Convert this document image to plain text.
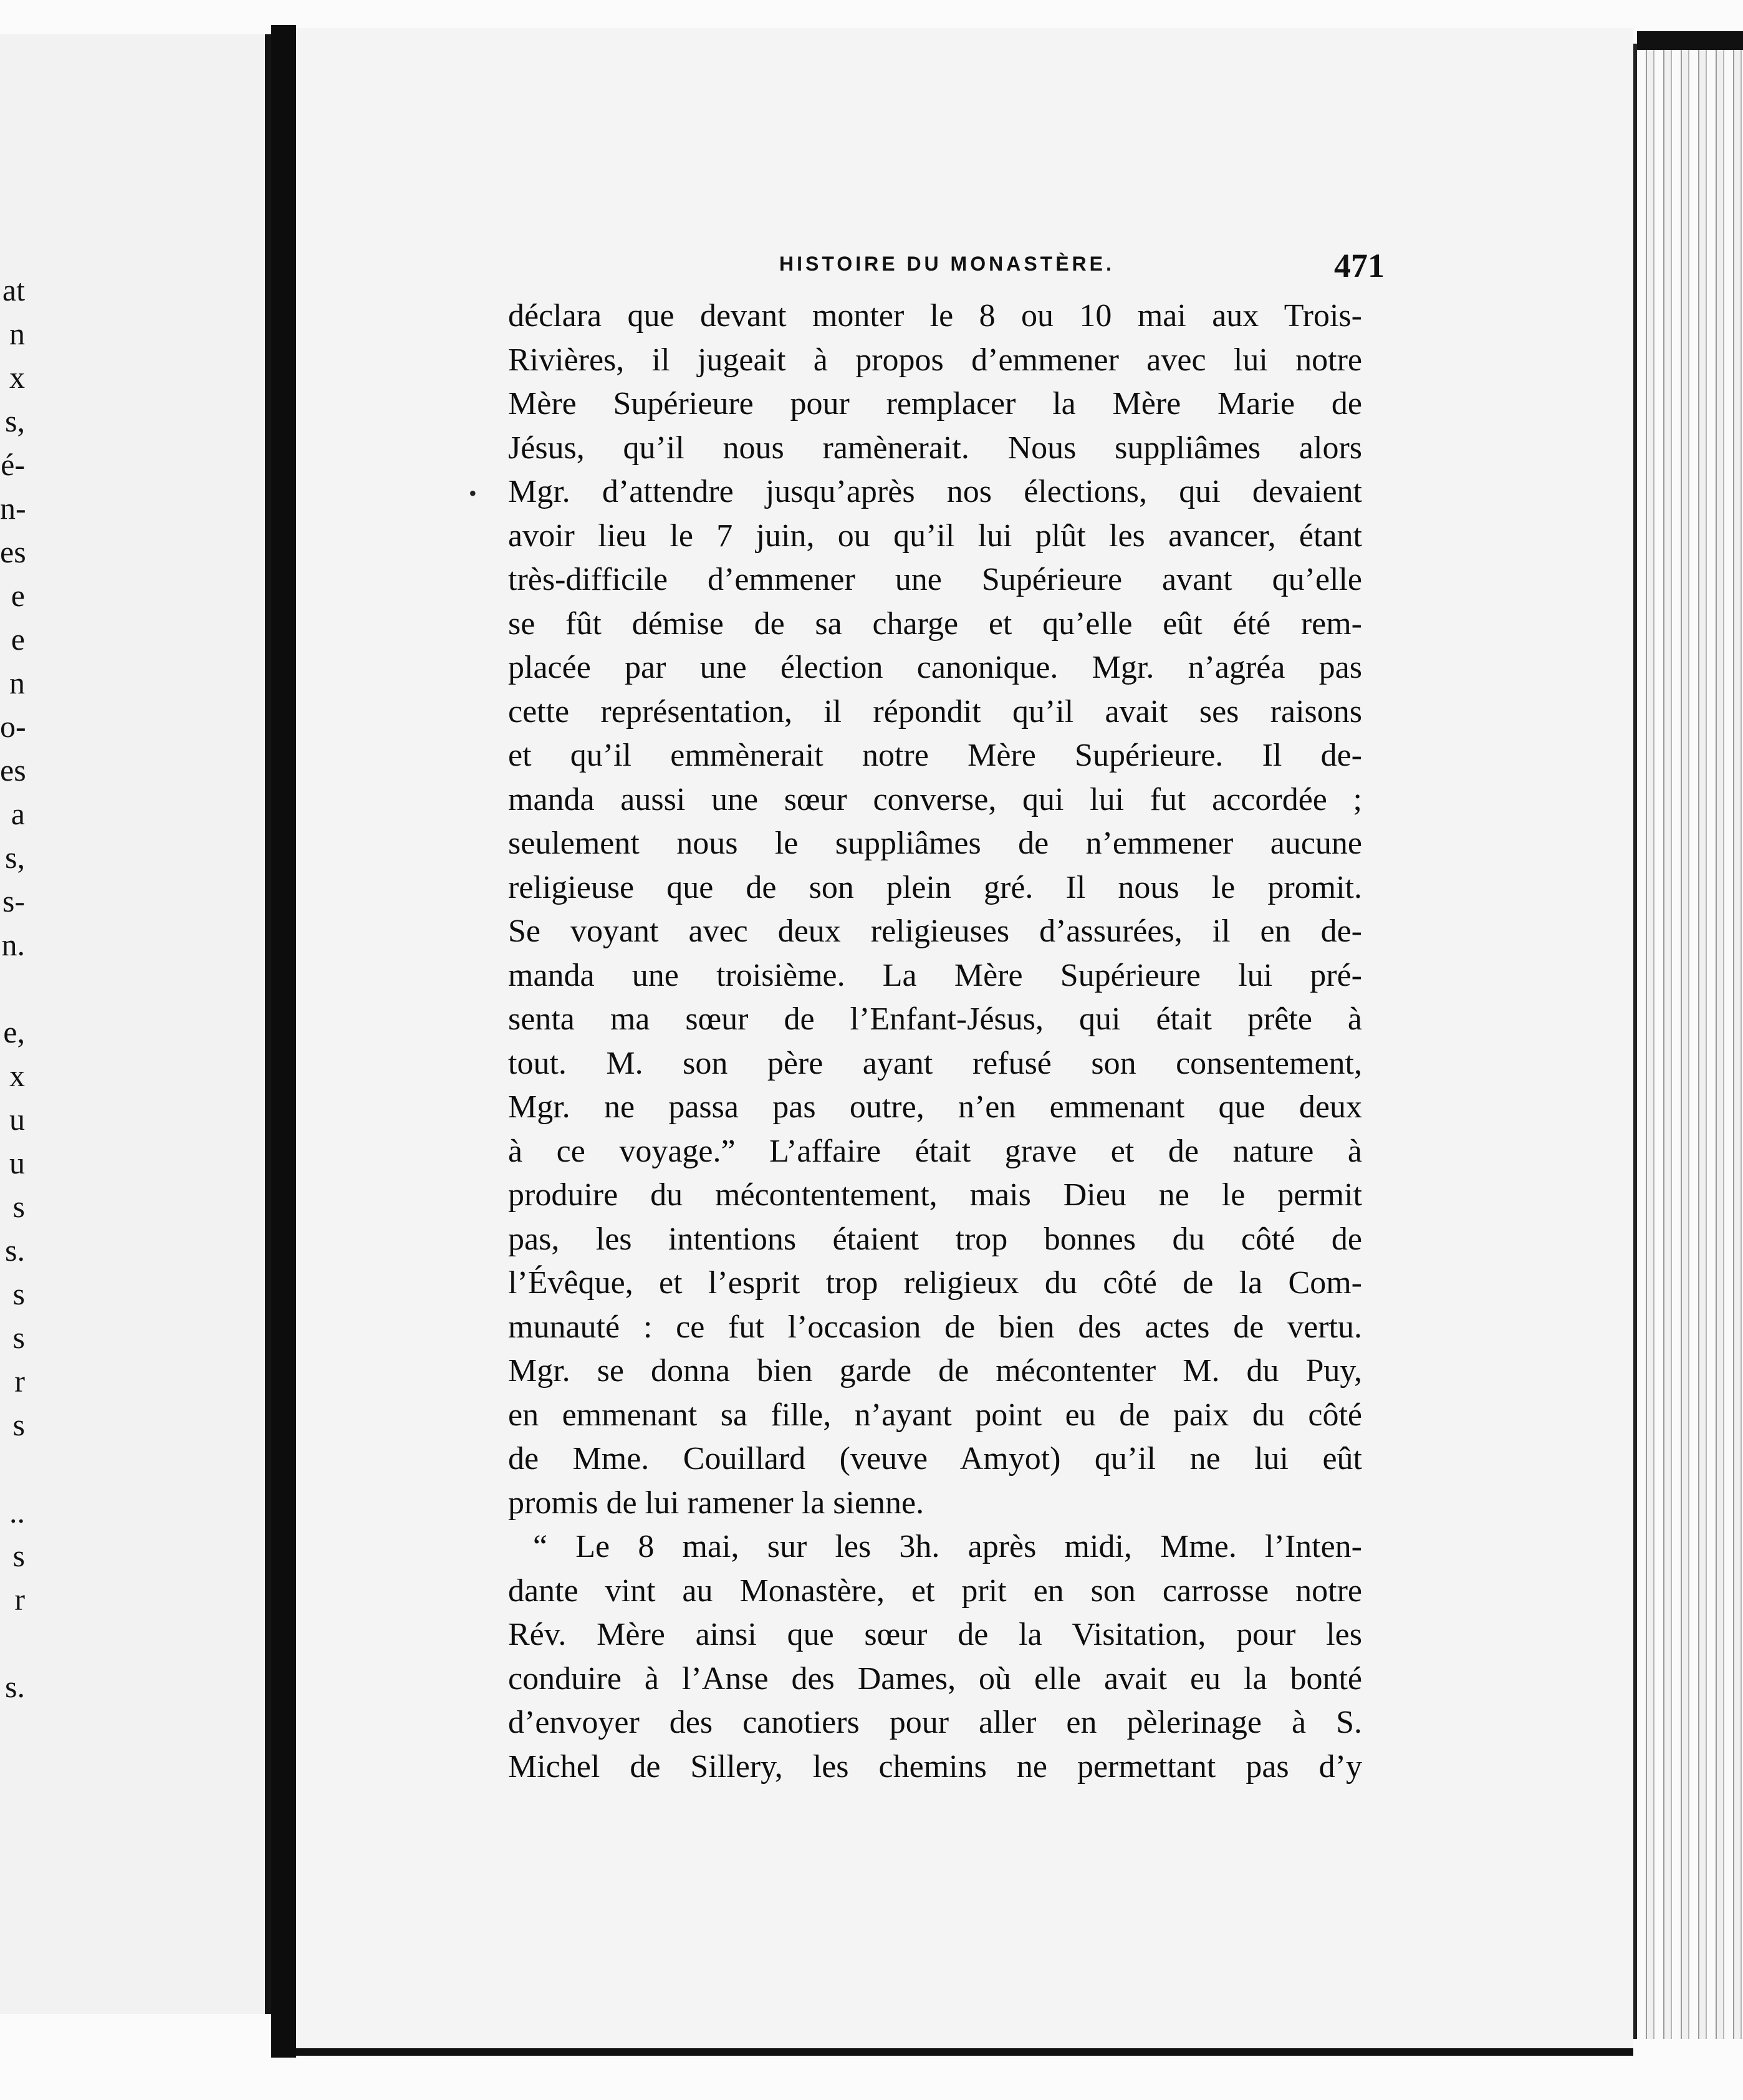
at
n
x
s,
é-
n-
es
e
e
n
o-
es
a
s,
s-
n.
e,
x
u
u
s
s.
s
s
r
s
..
s
r
s.
HISTOIRE DU MONASTÈRE.	471
•
déclara que devant monter le 8 ou 10 mai aux Trois-
Rivières, il jugeait à propos d’emmener avec lui notre
Mère Supérieure pour remplacer la Mère Marie de
Jésus, qu’il nous ramènerait. Nous suppliâmes alors
Mgr. d’attendre jusqu’après nos élections, qui devaient
avoir lieu le 7 juin, ou qu’il lui plût les avancer, étant
très-difficile d’emmener une Supérieure avant qu’elle
se fût démise de sa charge et qu’elle eût été rem-
placée par une élection canonique. Mgr. n’agréa pas
cette représentation, il répondit qu’il avait ses raisons
et qu’il emmènerait notre Mère Supérieure. Il de-
manda aussi une sœur converse, qui lui fut accordée ;
seulement nous le suppliâmes de n’emmener aucune
religieuse que de son plein gré. Il nous le promit.
Se voyant avec deux religieuses d’assurées, il en de-
manda une troisième. La Mère Supérieure lui pré-
senta ma sœur de l’Enfant-Jésus, qui était prête à
tout. M. son père ayant refusé son consentement,
Mgr. ne passa pas outre, n’en emmenant que deux
à ce voyage.” L’affaire était grave et de nature à
produire du mécontentement, mais Dieu ne le permit
pas, les intentions étaient trop bonnes du côté de
l’Évêque, et l’esprit trop religieux du côté de la Com-
munauté : ce fut l’occasion de bien des actes de vertu.
Mgr. se donna bien garde de mécontenter M. du Puy,
en emmenant sa fille, n’ayant point eu de paix du côté
de Mme. Couillard (veuve Amyot) qu’il ne lui eût
promis de lui ramener la sienne.
“ Le 8 mai, sur les 3h. après midi, Mme. l’Inten-
dante vint au Monastère, et prit en son carrosse notre
Rév. Mère ainsi que sœur de la Visitation, pour les
conduire à l’Anse des Dames, où elle avait eu la bonté
d’envoyer des canotiers pour aller en pèlerinage à S.
Michel de Sillery, les chemins ne permettant pas d’y
